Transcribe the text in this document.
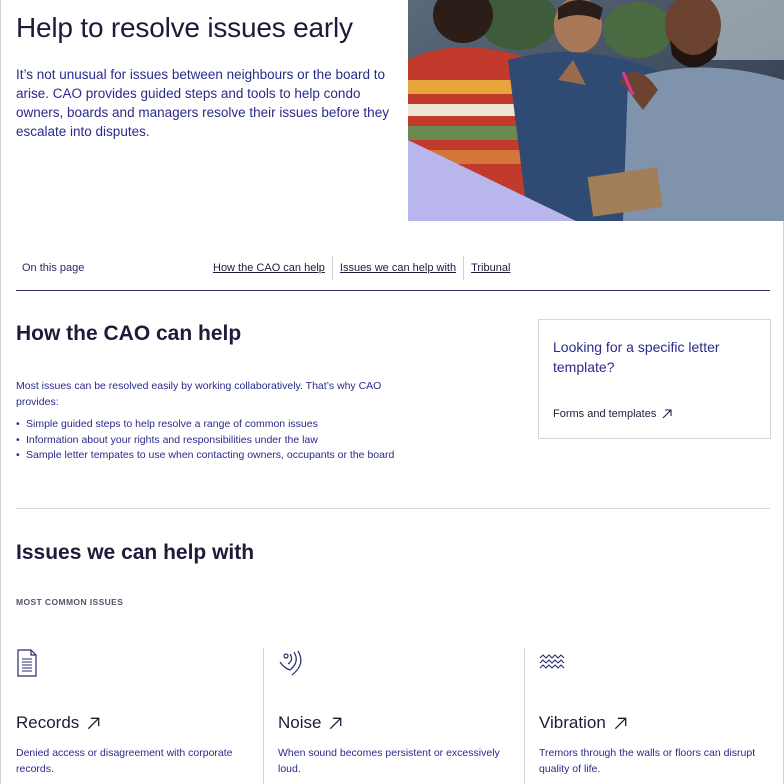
Help to resolve issues early

It’s not unusual for issues between neighbours or the board to arise. CAO provides guided steps and tools to help condo owners, boards and managers resolve their issues before they escalate into disputes.

On this page	How the CAO can help	Issues we can help with	Tribunal
How the CAO can help

Most issues can be resolved easily by working collaboratively. That’s why CAO provides:

• Simple guided steps to help resolve a range of common issues
• Information about your rights and responsibilities under the law
• Sample letter tempates to use when contacting owners, occupants or the board

Looking for a specific letter template?

Forms and templates
Issues we can help with
MOST COMMON ISSUES
Records

Denied access or disagreement with corporate records.

Noise

When sound becomes persistent or excessively loud.

Vibration

Tremors through the walls or floors can disrupt quality of life.
